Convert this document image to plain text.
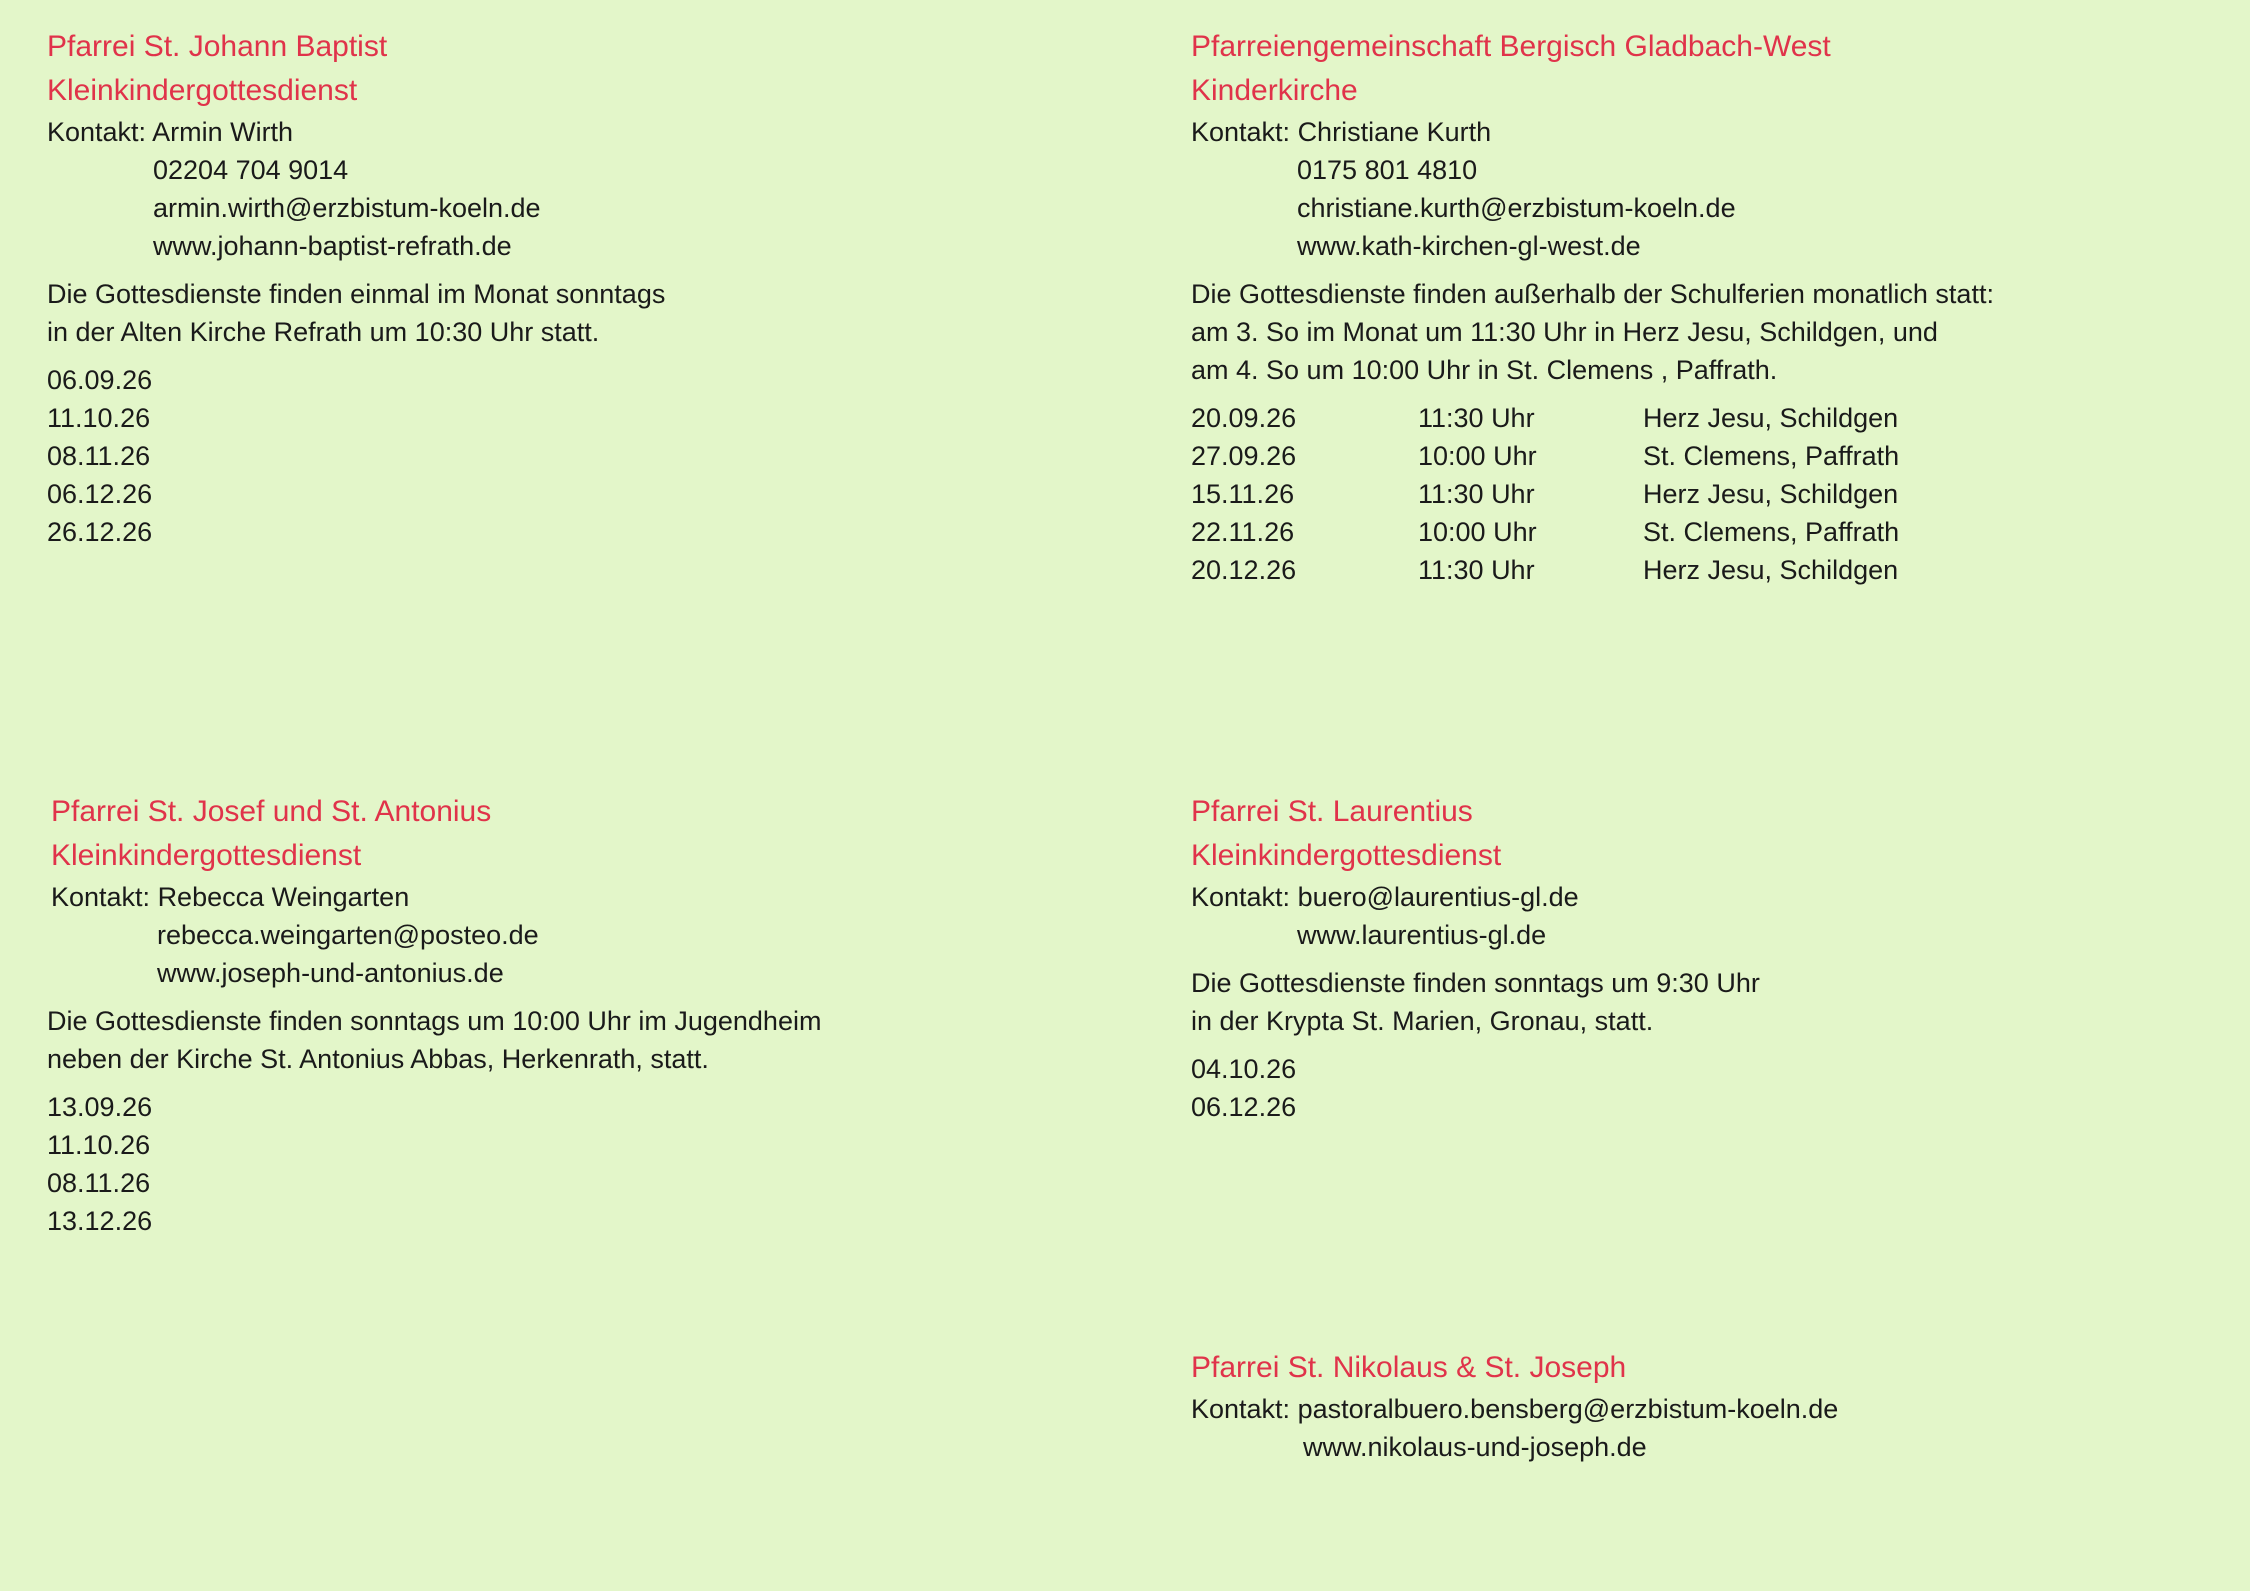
Pfarrei St. Johann Baptist
Kleinkindergottesdienst
Kontakt: Armin Wirth
02204 704 9014
armin.wirth@erzbistum-koeln.de
www.johann-baptist-refrath.de
Die Gottesdienste finden einmal im Monat sonntags
in der Alten Kirche Refrath um 10:30 Uhr statt.
06.09.26
11.10.26
08.11.26
06.12.26
26.12.26
Pfarreiengemeinschaft Bergisch Gladbach-West
Kinderkirche
Kontakt: Christiane Kurth
0175 801 4810
christiane.kurth@erzbistum-koeln.de
www.kath-kirchen-gl-west.de
Die Gottesdienste finden außerhalb der Schulferien monatlich statt:
am 3. So im Monat um 11:30 Uhr in Herz Jesu, Schildgen, und
am 4. So um 10:00 Uhr in St. Clemens , Paffrath.
20.09.26	11:30 Uhr	Herz Jesu, Schildgen
27.09.26	10:00 Uhr	St. Clemens, Paffrath
15.11.26	11:30 Uhr	Herz Jesu, Schildgen
22.11.26	10:00 Uhr	St. Clemens, Paffrath
20.12.26	11:30 Uhr	Herz Jesu, Schildgen
Pfarrei St. Josef und St. Antonius
Kleinkindergottesdienst
Kontakt: Rebecca Weingarten
rebecca.weingarten@posteo.de
www.joseph-und-antonius.de
Die Gottesdienste finden sonntags um 10:00 Uhr im Jugendheim
neben der Kirche St. Antonius Abbas, Herkenrath, statt.
13.09.26
11.10.26
08.11.26
13.12.26
Pfarrei St. Laurentius
Kleinkindergottesdienst
Kontakt: buero@laurentius-gl.de
www.laurentius-gl.de
Die Gottesdienste finden sonntags um 9:30 Uhr
in der Krypta St. Marien, Gronau, statt.
04.10.26
06.12.26
Pfarrei St. Nikolaus & St. Joseph
Kontakt: pastoralbuero.bensberg@erzbistum-koeln.de
www.nikolaus-und-joseph.de
